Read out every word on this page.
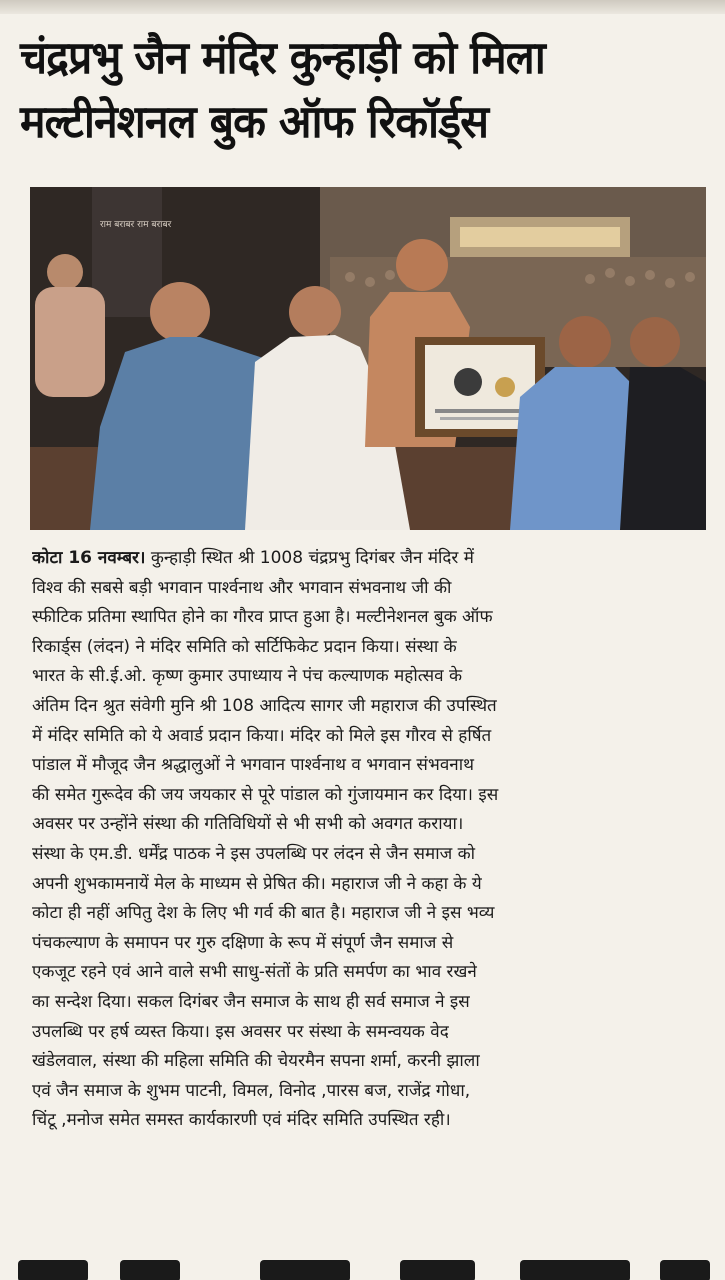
चंद्रप्रभु जैन मंदिर कुन्हाड़ी को मिला
मल्टीनेशनल बुक ऑफ रिकॉर्ड्स
राम बराबर राम बराबर
कोटा 16 नवम्बर। कुन्हाड़ी स्थित श्री 1008 चंद्रप्रभु दिगंबर जैन मंदिर में
विश्व की सबसे बड़ी भगवान पार्श्वनाथ और भगवान संभवनाथ जी की
स्फीटिक प्रतिमा स्थापित होने का गौरव प्राप्त हुआ है। मल्टीनेशनल बुक ऑफ
रिकार्ड्स (लंदन) ने मंदिर समिति को सर्टिफिकेट प्रदान किया। संस्था के
भारत के सी.ई.ओ. कृष्ण कुमार उपाध्याय ने पंच कल्याणक महोत्सव के
अंतिम दिन श्रुत संवेगी मुनि श्री 108 आदित्य सागर जी महाराज की उपस्थित
में मंदिर समिति को ये अवार्ड प्रदान किया। मंदिर को मिले इस गौरव से हर्षित
पांडाल में मौजूद जैन श्रद्धालुओं ने भगवान पार्श्वनाथ व भगवान संभवनाथ
की समेत गुरूदेव की जय जयकार से पूरे पांडाल को गुंजायमान कर दिया। इस
अवसर पर उन्होंने संस्था की गतिविधियों से भी सभी को अवगत कराया।
संस्था के एम.डी. धर्मेंद्र पाठक ने इस उपलब्धि पर लंदन से जैन समाज को
अपनी शुभकामनायें मेल के माध्यम से प्रेषित की। महाराज जी ने कहा के ये
कोटा ही नहीं अपितु देश के लिए भी गर्व की बात है। महाराज जी ने इस भव्य
पंचकल्याण के समापन पर गुरु दक्षिणा के रूप में संपूर्ण जैन समाज से
एकजूट रहने एवं आने वाले सभी साधु-संतों के प्रति समर्पण का भाव रखने
का सन्देश दिया। सकल दिगंबर जैन समाज के साथ ही सर्व समाज ने इस
उपलब्धि पर हर्ष व्यस्त किया। इस अवसर पर संस्था के समन्वयक वेद
खंडेलवाल, संस्था की महिला समिति की चेयरमैन सपना शर्मा, करनी झाला
एवं जैन समाज के शुभम पाटनी, विमल, विनोद ,पारस बज, राजेंद्र गोधा,
चिंटू ,मनोज समेत समस्त कार्यकारणी एवं मंदिर समिति उपस्थित रही।
